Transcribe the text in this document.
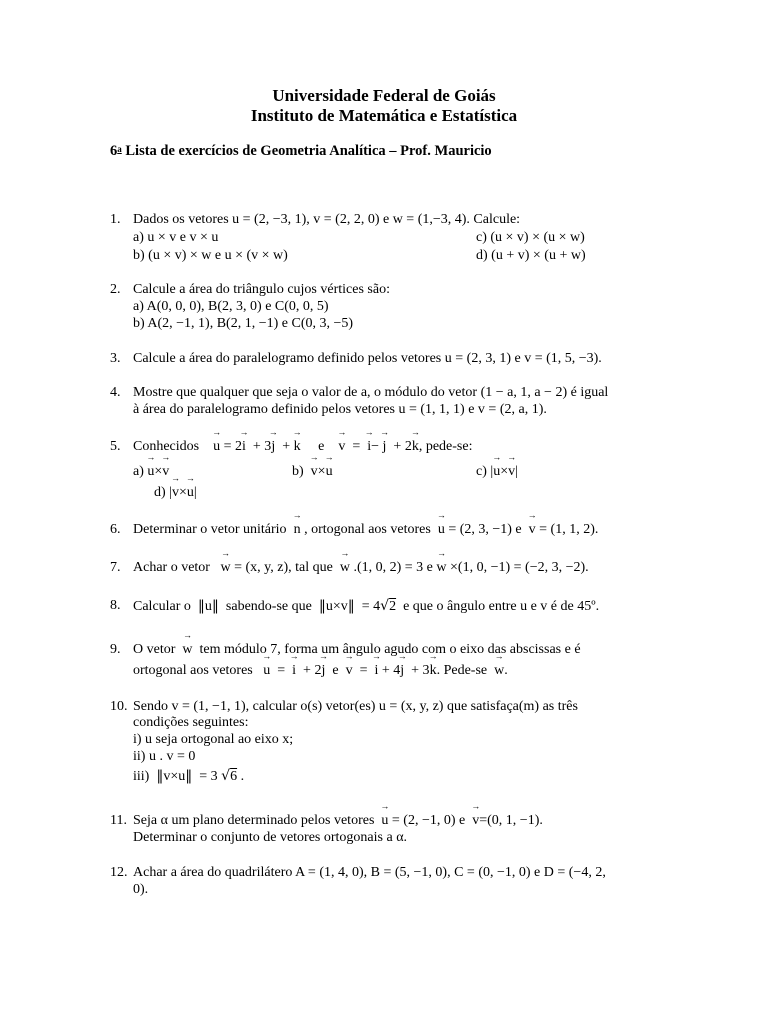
Universidade Federal de Goiás
Instituto de Matemática e Estatística
6$^a$ Lista de exercícios de Geometria Analítica – Prof. Mauricio
1. Dados os vetores u = (2, −3, 1), v = (2, 2, 0) e w = (1,−3, 4). Calcule:
a) u × v e v × u	c) (u × v) × (u × w)
b) (u × v) × w e u × (v × w)	d) (u + v) × (u + w)
2. Calcule a área do triângulo cujos vértices são:
a) A(0, 0, 0), B(2, 3, 0) e C(0, 0, 5)
b) A(2, −1, 1), B(2, 1, −1) e C(0, 3, −5)
3. Calcule a área do paralelogramo definido pelos vetores u = (2, 3, 1) e v = (1, 5, −3).
4. Mostre que qualquer que seja o valor de a, o módulo do vetor (1 − a, 1, a − 2) é igual
à área do paralelogramo definido pelos vetores u = (1, 1, 1) e v = (2, a, 1).
5. Conhecidos → u = 2→ i + 3→ j + → k e → v = → i− → j + 2→ k, pede-se:
a) → u×→ v	b) → v×→ u	c) |→ u×→ v|
d) |→ v×→ u|
6. Determinar o vetor unitário → n , ortogonal aos vetores → u = (2, 3, −1) e → v = (1, 1, 2).
7. Achar o vetor → w = (x, y, z), tal que → w .(1, 0, 2) = 3 e → w ×(1, 0, −1) = (−2, 3, −2).
8. Calcular o ‖u‖ sabendo-se que ‖u×v‖ = 4√2 e que o ângulo entre u e v é de 45º.
9. O vetor → w tem módulo 7, forma um ângulo agudo com o eixo das abscissas e é
ortogonal aos vetores → u = → i + 2→ j e → v = → i + 4→ j + 3→ k. Pede-se → w.
10. Sendo v = (1, −1, 1), calcular o(s) vetor(es) u = (x, y, z) que satisfaça(m) as três
condições seguintes:
i) u seja ortogonal ao eixo x;
ii) u . v = 0
iii) ‖v×u‖ = 3 √6 .
11. Seja α um plano determinado pelos vetores → u = (2, −1, 0) e → v=(0, 1, −1).
Determinar o conjunto de vetores ortogonais a α.
12. Achar a área do quadrilátero A = (1, 4, 0), B = (5, −1, 0), C = (0, −1, 0) e D = (−4, 2,
0).
